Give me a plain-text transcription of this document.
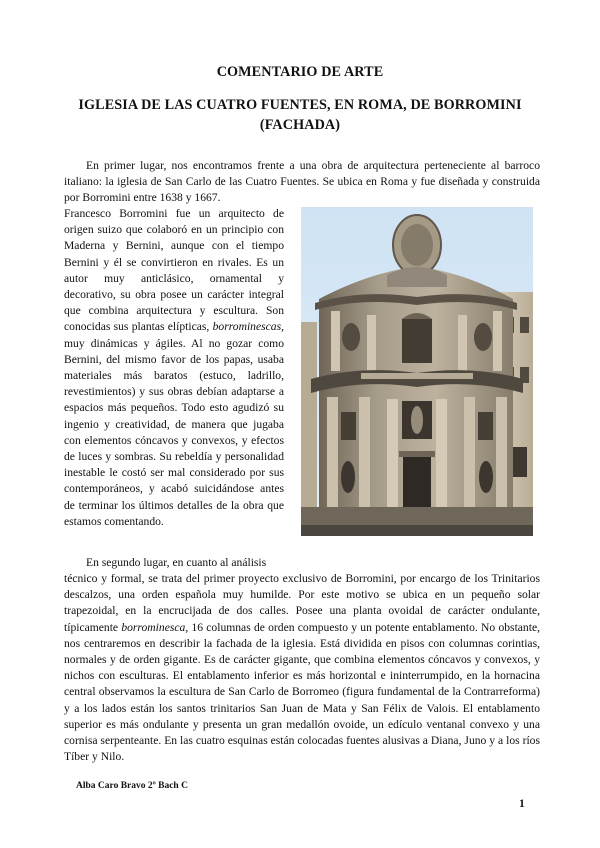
COMENTARIO DE ARTE
IGLESIA DE LAS CUATRO FUENTES, EN ROMA, DE BORROMINI (FACHADA)
En primer lugar, nos encontramos frente a una obra de arquitectura perteneciente al barroco italiano: la iglesia de San Carlo de las Cuatro Fuentes. Se ubica en Roma y fue diseñada y construida por Borromini entre 1638 y 1667.
Francesco Borromini fue un arquitecto de origen suizo que colaboró en un principio con Maderna y Bernini, aunque con el tiempo Bernini y él se convirtieron en rivales. Es un autor muy anticlásico, ornamental y decorativo, su obra posee un carácter integral que combina arquitectura y escultura. Son conocidas sus plantas elípticas, borrominescas, muy dinámicas y ágiles. Al no gozar como Bernini, del mismo favor de los papas, usaba materiales más baratos (estuco, ladrillo, revestimientos) y sus obras debían adaptarse a espacios más pequeños. Todo esto agudizó su ingenio y creatividad, de manera que jugaba con elementos cóncavos y convexos, y efectos de luces y sombras. Su rebeldía y personalidad inestable le costó ser mal considerado por sus contemporáneos, y acabó suicidándose antes de terminar los últimos detalles de la obra que estamos comentando.
En segundo lugar, en cuanto al análisis
técnico y formal, se trata del primer proyecto exclusivo de Borromini, por encargo de los Trinitarios descalzos, una orden española muy humilde. Por este motivo se ubica en un pequeño solar trapezoidal, en la encrucijada de dos calles. Posee una planta ovoidal de carácter ondulante, típicamente borrominesca, 16 columnas de orden compuesto y un potente entablamento. No obstante, nos centraremos en describir la fachada de la iglesia. Está dividida en pisos con columnas corintias, normales y de orden gigante. Es de carácter gigante, que combina elementos cóncavos y convexos, y nichos con esculturas. El entablamento inferior es más horizontal e ininterrumpido, en la hornacina central observamos la escultura de San Carlo de Borromeo (figura fundamental de la Contrarreforma) y a los lados están los santos trinitarios San Juan de Mata y San Félix de Valois. El entablamento superior es más ondulante y presenta un gran medallón ovoide, un edículo ventanal convexo y una cornisa serpenteante. En las cuatro esquinas están colocadas fuentes alusivas a Diana, Juno y a los ríos Tíber y Nilo.
Alba Caro Bravo 2º Bach C
1
